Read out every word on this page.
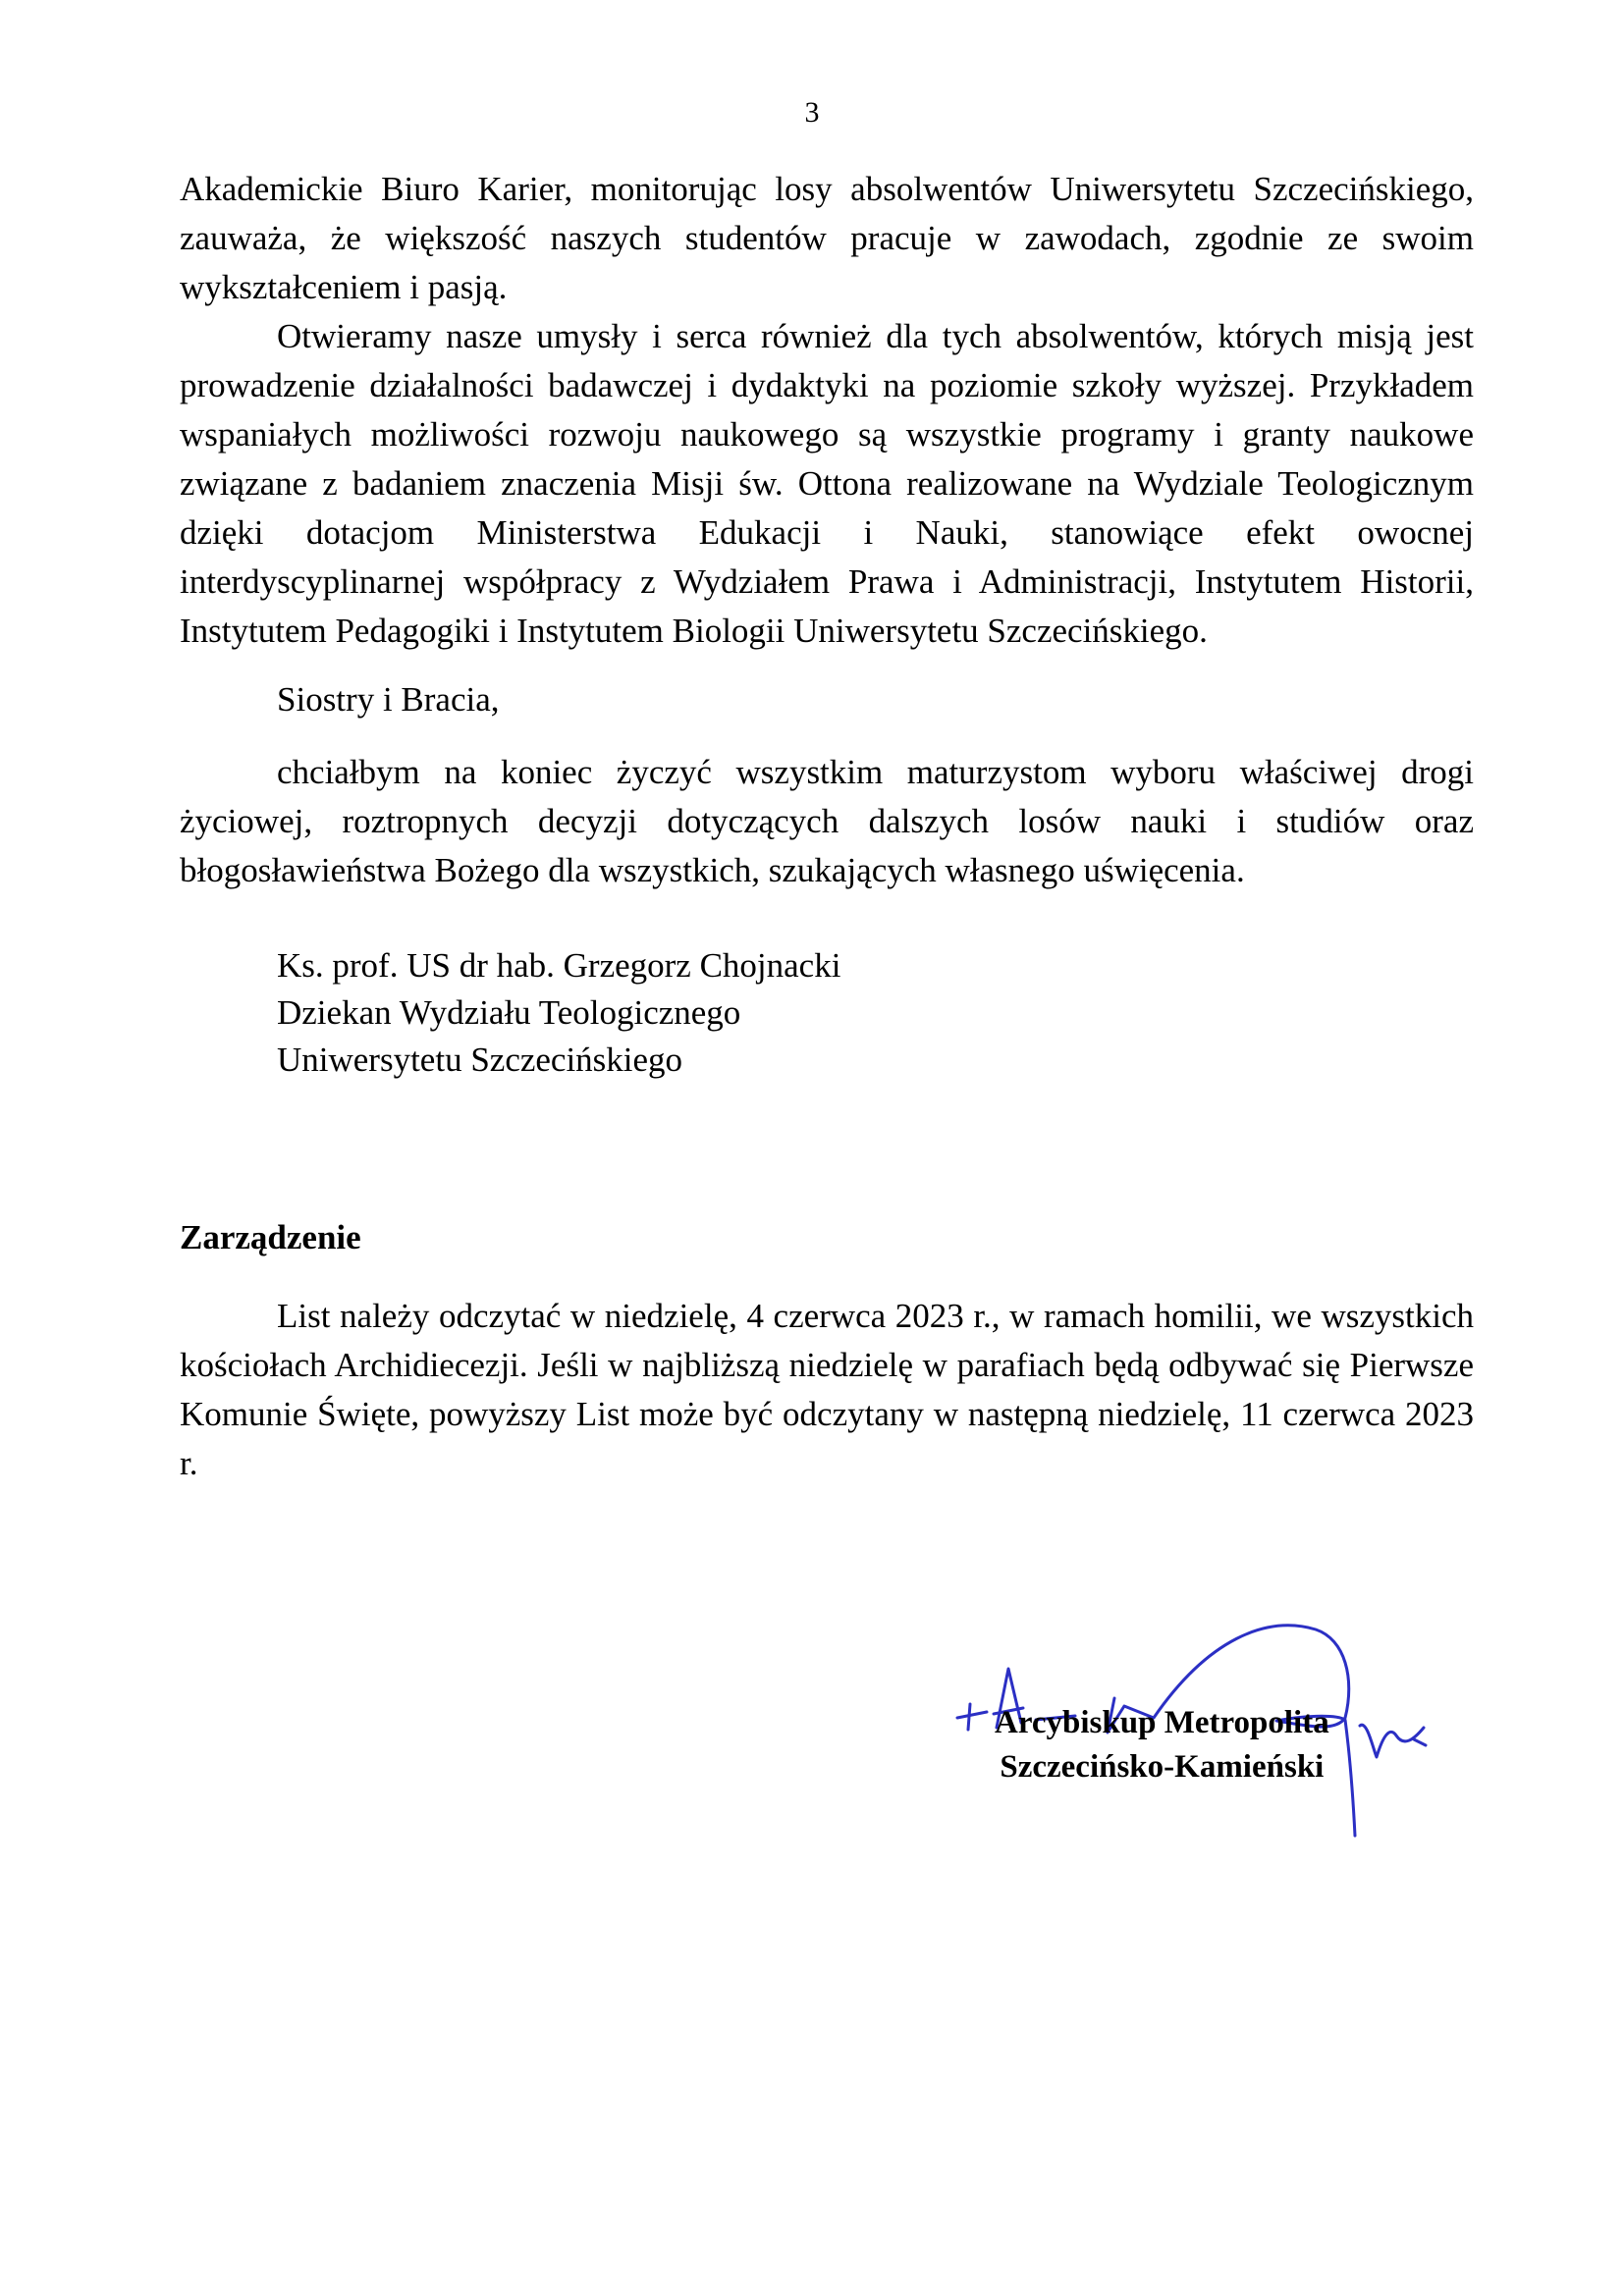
3

Akademickie Biuro Karier, monitorując losy absolwentów Uniwersytetu Szczecińskiego, zauważa, że większość naszych studentów pracuje w zawodach, zgodnie ze swoim wykształceniem i pasją.

Otwieramy nasze umysły i serca również dla tych absolwentów, których misją jest prowadzenie działalności badawczej i dydaktyki na poziomie szkoły wyższej. Przykładem wspaniałych możliwości rozwoju naukowego są wszystkie programy i granty naukowe związane z badaniem znaczenia Misji św. Ottona realizowane na Wydziale Teologicznym dzięki dotacjom Ministerstwa Edukacji i Nauki, stanowiące efekt owocnej interdyscyplinarnej współpracy z Wydziałem Prawa i Administracji, Instytutem Historii, Instytutem Pedagogiki i Instytutem Biologii Uniwersytetu Szczecińskiego.

Siostry i Bracia,

chciałbym na koniec życzyć wszystkim maturzystom wyboru właściwej drogi życiowej, roztropnych decyzji dotyczących dalszych losów nauki i studiów oraz błogosławieństwa Bożego dla wszystkich, szukających własnego uświęcenia.

Ks. prof. US dr hab. Grzegorz Chojnacki
Dziekan Wydziału Teologicznego
Uniwersytetu Szczecińskiego
Zarządzenie

List należy odczytać w niedzielę, 4 czerwca 2023 r., w ramach homilii, we wszystkich kościołach Archidiecezji. Jeśli w najbliższą niedzielę w parafiach będą odbywać się Pierwsze Komunie Święte, powyższy List może być odczytany w następną niedzielę, 11 czerwca 2023 r.

Arcybiskup Metropolita
Szczecińsko-Kamieński
